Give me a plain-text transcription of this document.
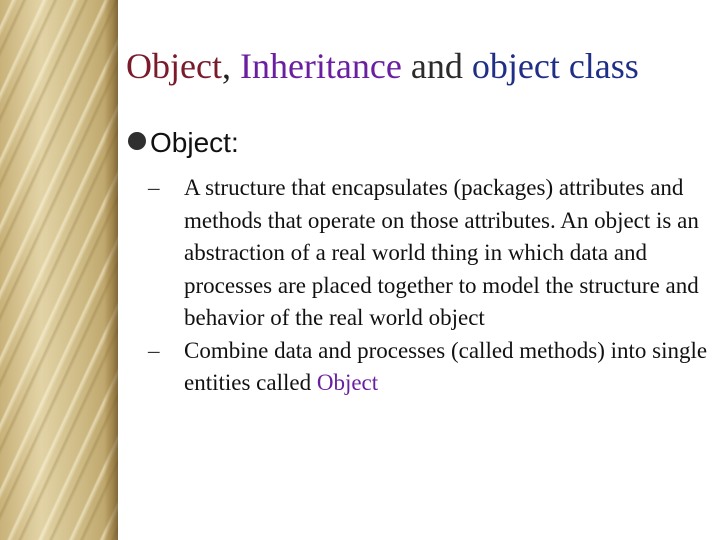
Object, Inheritance and object class
Object:
–	A structure that encapsulates (packages) attributes and methods that operate on those attributes. An object is an abstraction of a real world thing in which data and processes are placed together to model the structure and behavior of the real world object
–	Combine data and processes (called methods) into single entities called Object
